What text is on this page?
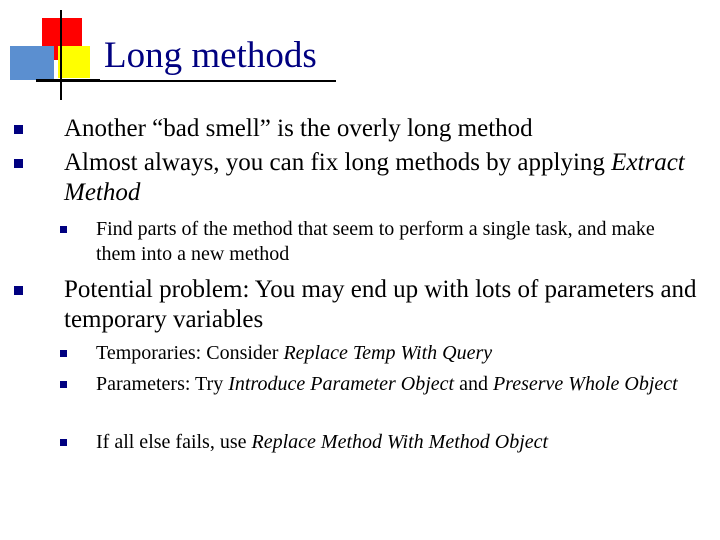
Long methods
Another “bad smell” is the overly long method
Almost always, you can fix long methods by applying Extract Method
Find parts of the method that seem to perform a single task, and make them into a new method
Potential problem: You may end up with lots of parameters and temporary variables
Temporaries: Consider Replace Temp With Query
Parameters: Try Introduce Parameter Object and Preserve Whole Object
If all else fails, use Replace Method With Method Object
